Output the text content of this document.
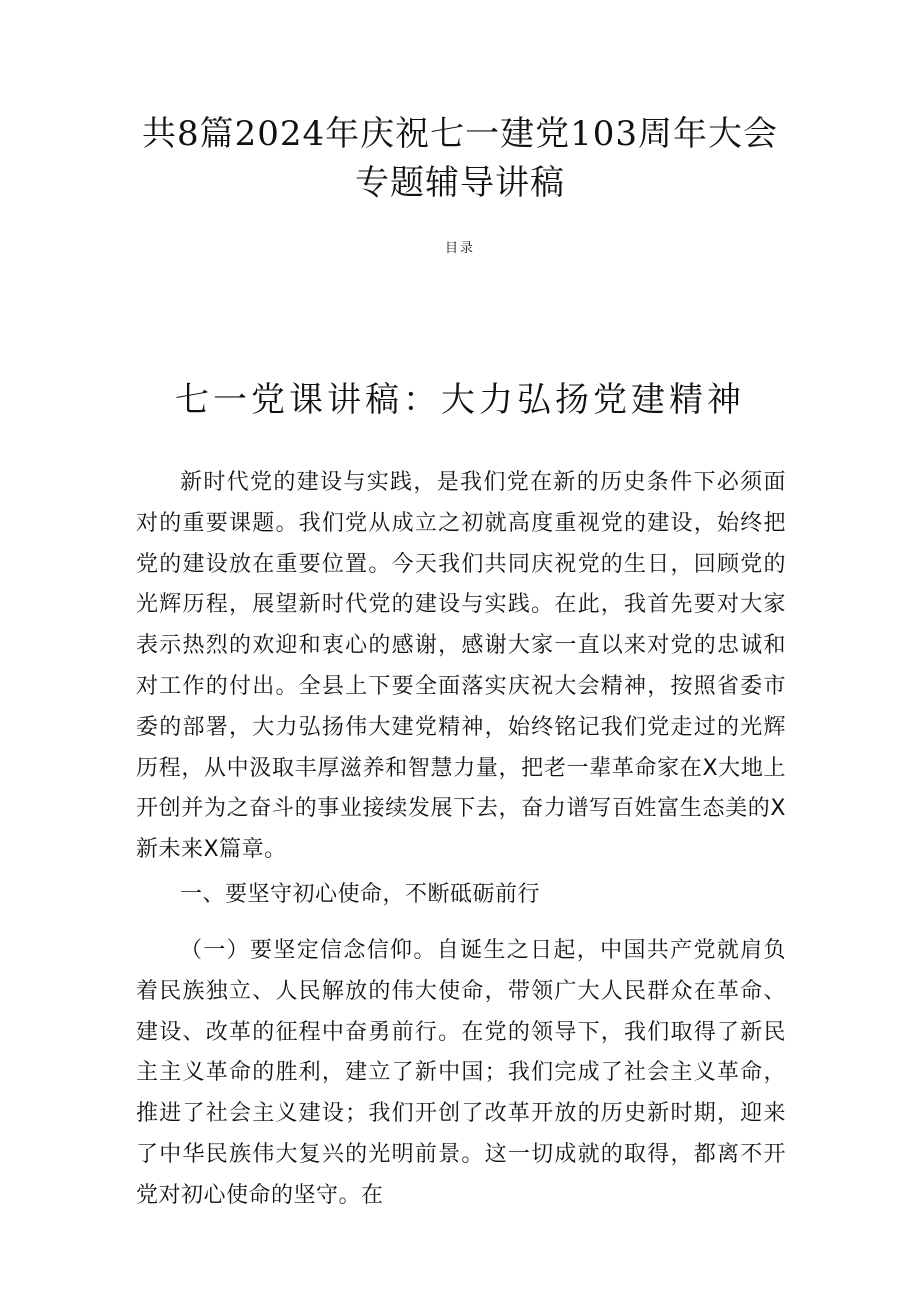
共8篇2024年庆祝七一建党103周年大会
专题辅导讲稿
目录
七一党课讲稿：大力弘扬党建精神

新时代党的建设与实践，是我们党在新的历史条件下必须面对的重要课题。我们党从成立之初就高度重视党的建设，始终把党的建设放在重要位置。今天我们共同庆祝党的生日，回顾党的光辉历程，展望新时代党的建设与实践。在此，我首先要对大家表示热烈的欢迎和衷心的感谢，感谢大家一直以来对党的忠诚和对工作的付出。全县上下要全面落实庆祝大会精神，按照省委市委的部署，大力弘扬伟大建党精神，始终铭记我们党走过的光辉历程，从中汲取丰厚滋养和智慧力量，把老一辈革命家在X大地上开创并为之奋斗的事业接续发展下去，奋力谱写百姓富生态美的X新未来X篇章。

一、要坚守初心使命，不断砥砺前行

（一）要坚定信念信仰。自诞生之日起，中国共产党就肩负着民族独立、人民解放的伟大使命，带领广大人民群众在革命、建设、改革的征程中奋勇前行。在党的领导下，我们取得了新民主主义革命的胜利，建立了新中国；我们完成了社会主义革命，推进了社会主义建设；我们开创了改革开放的历史新时期，迎来了中华民族伟大复兴的光明前景。这一切成就的取得，都离不开党对初心使命的坚守。在
